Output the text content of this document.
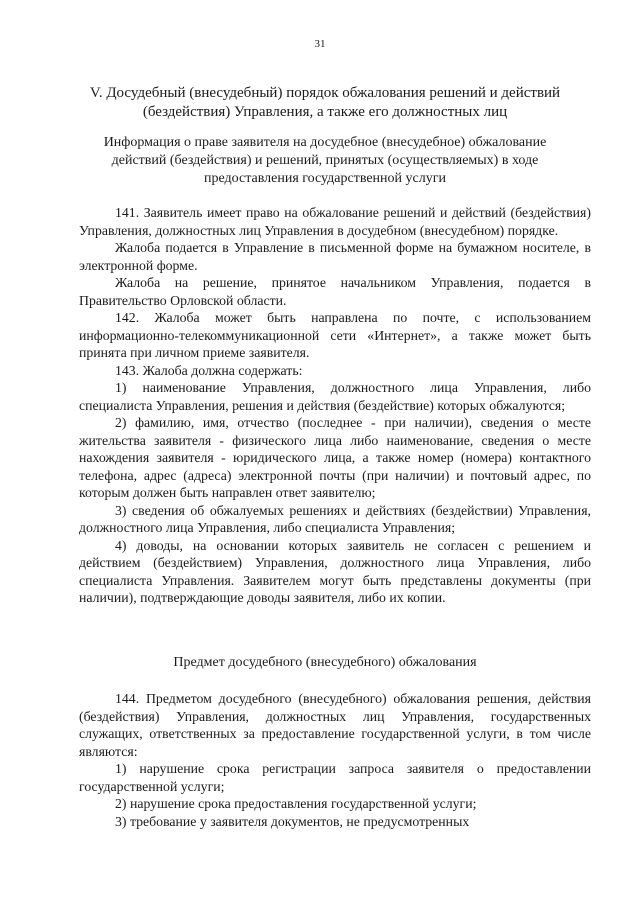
31
V. Досудебный (внесудебный) порядок обжалования решений и действий (бездействия) Управления, а также его должностных лиц
Информация о праве заявителя на досудебное (внесудебное) обжалование действий (бездействия) и решений, принятых (осуществляемых) в ходе предоставления государственной услуги

141. Заявитель имеет право на обжалование решений и действий (бездействия) Управления, должностных лиц Управления в досудебном (внесудебном) порядке.

Жалоба подается в Управление в письменной форме на бумажном носителе, в электронной форме.

Жалоба на решение, принятое начальником Управления, подается в Правительство Орловской области.

142. Жалоба может быть направлена по почте, с использованием информационно-телекоммуникационной сети «Интернет», а также может быть принята при личном приеме заявителя.

143. Жалоба должна содержать:

1) наименование Управления, должностного лица Управления, либо специалиста Управления, решения и действия (бездействие) которых обжалуются;

2) фамилию, имя, отчество (последнее - при наличии), сведения о месте жительства заявителя - физического лица либо наименование, сведения о месте нахождения заявителя - юридического лица, а также номер (номера) контактного телефона, адрес (адреса) электронной почты (при наличии) и почтовый адрес, по которым должен быть направлен ответ заявителю;

3) сведения об обжалуемых решениях и действиях (бездействии) Управления, должностного лица Управления, либо специалиста Управления;

4) доводы, на основании которых заявитель не согласен с решением и действием (бездействием) Управления, должностного лица Управления, либо специалиста Управления. Заявителем могут быть представлены документы (при наличии), подтверждающие доводы заявителя, либо их копии.

Предмет досудебного (внесудебного) обжалования

144. Предметом досудебного (внесудебного) обжалования решения, действия (бездействия) Управления, должностных лиц Управления, государственных служащих, ответственных за предоставление государственной услуги, в том числе являются:

1) нарушение срока регистрации запроса заявителя о предоставлении государственной услуги;

2) нарушение срока предоставления государственной услуги;

3) требование у заявителя документов, не предусмотренных
